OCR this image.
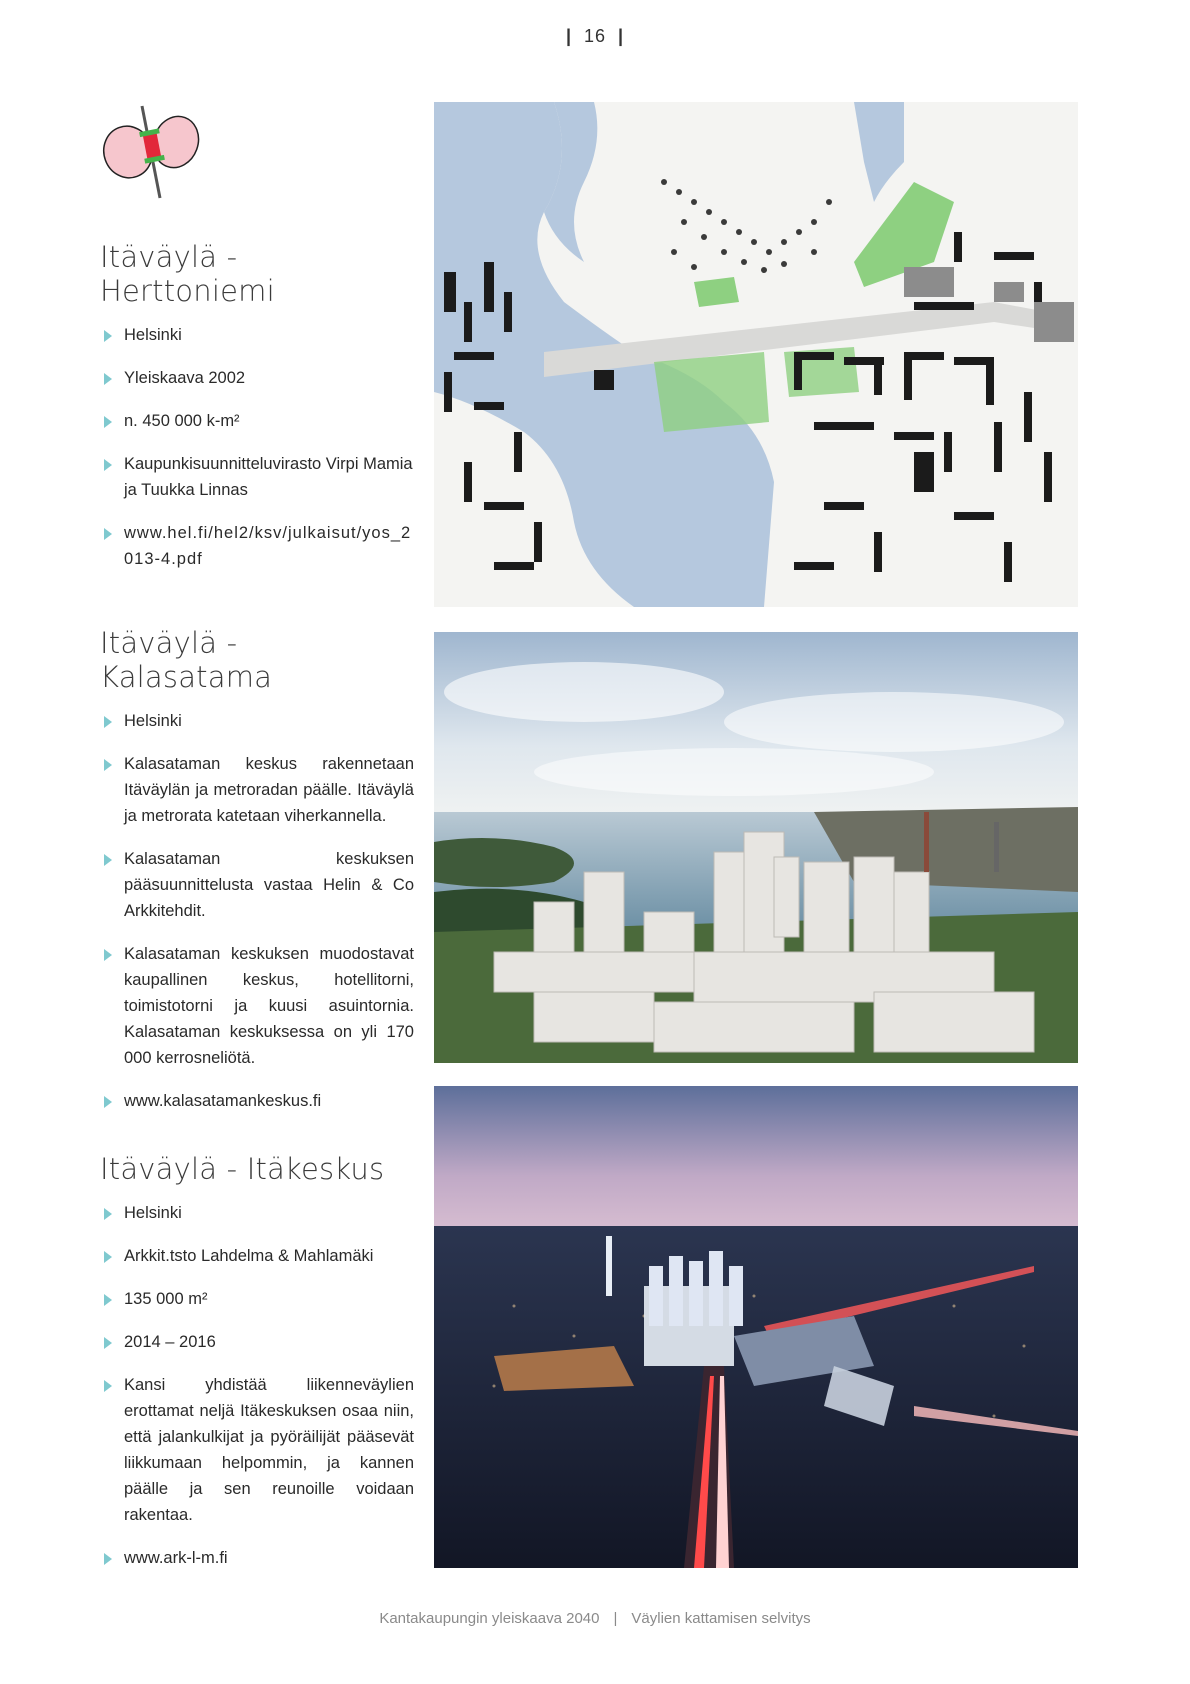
| 16 |
Itäväylä - Herttoniemi
Helsinki
Yleiskaava 2002
n. 450 000 k-m²
Kaupunkisuunnitteluvirasto Virpi Mamia ja Tuukka Linnas
www.hel.fi/hel2/ksv/julkaisut/yos_2013-4.pdf
Itäväylä - Kalasatama
Helsinki
Kalasataman keskus rakennetaan Itäväylän ja metroradan päälle. Itäväylä ja metrorata katetaan viherkannella.
Kalasataman keskuksen pääsuunnittelusta vastaa Helin & Co Arkkitehdit.
Kalasataman keskuksen muodostavat kaupallinen keskus, hotellitorni, toimistotorni ja kuusi asuintornia. Kalasataman keskuksessa on yli 170 000 kerrosneliötä.
www.kalasatamankeskus.fi
Itäväylä - Itäkeskus
Helsinki
Arkkit.tsto Lahdelma & Mahlamäki
135 000 m²
2014 – 2016
Kansi yhdistää liikenneväylien erottamat neljä Itäkeskuksen osaa niin, että jalankulkijat ja pyöräilijät pääsevät liikkumaan helpommin, ja kannen päälle ja sen reunoille voidaan rakentaa.
www.ark-l-m.fi
Kantakaupungin yleiskaava 2040 | Väylien kattamisen selvitys
